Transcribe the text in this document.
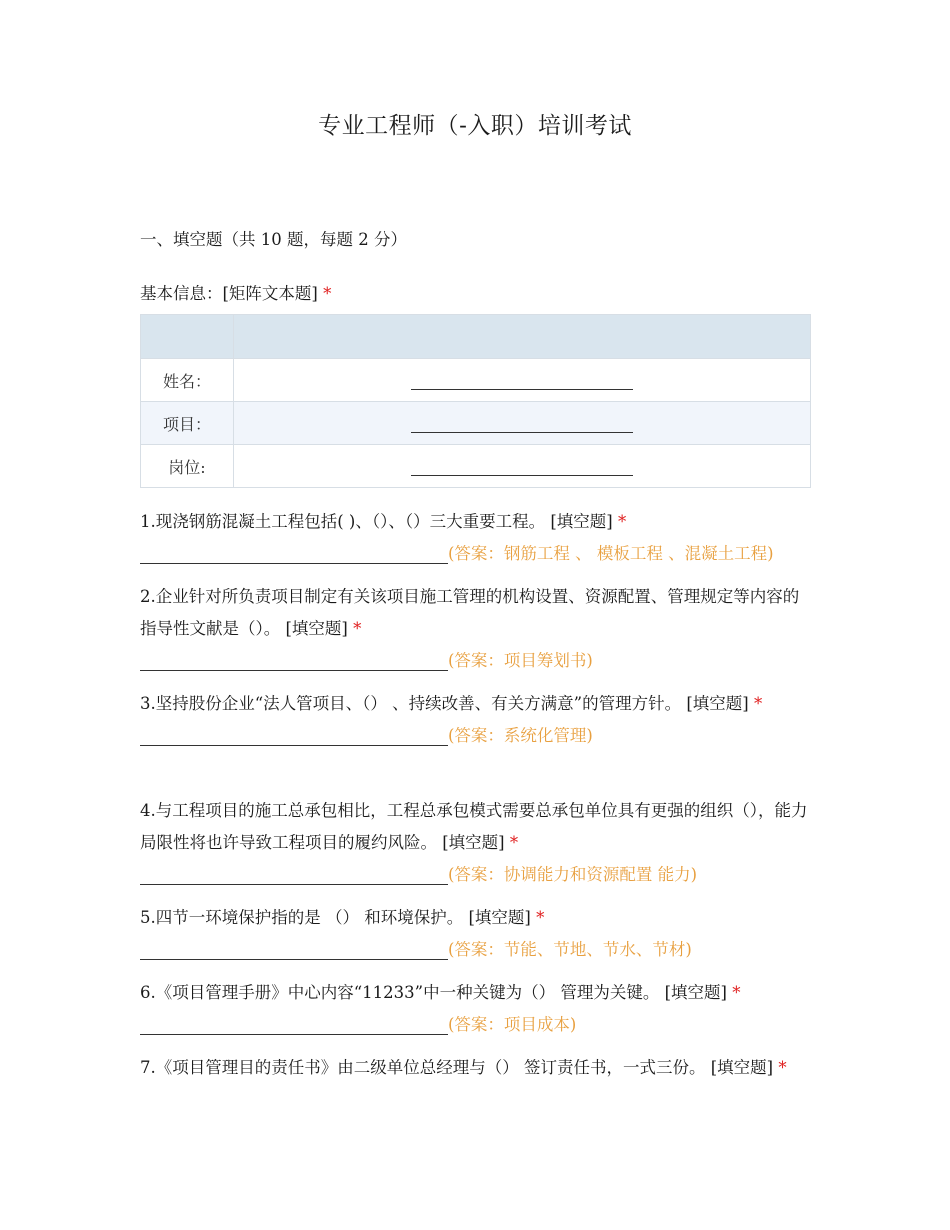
专业工程师（-入职）培训考试
一、填空题（共 10 题，每题 2 分）
基本信息：[矩阵文本题] *

姓名：	
项目：	
岗位:	
1.现浇钢筋混凝土工程包括( )、（）、（）三大重要工程。 [填空题] *
(答案：钢筋工程 、 模板工程 、混凝土工程)
2.企业针对所负责项目制定有关该项目施工管理的机构设置、资源配置、管理规定等内容的指导性文献是（）。 [填空题] *
(答案：项目筹划书)
3.坚持股份企业“法人管项目、（） 、持续改善、有关方满意”的管理方针。 [填空题] *
(答案：系统化管理)
4.与工程项目的施工总承包相比，工程总承包模式需要总承包单位具有更强的组织（），能力局限性将也许导致工程项目的履约风险。 [填空题] *
(答案：协调能力和资源配置 能力)
5.四节一环境保护指的是 （） 和环境保护。 [填空题] *
(答案：节能、节地、节水、节材)
6.《项目管理手册》中心内容“11233”中一种关键为（） 管理为关键。 [填空题] *
(答案：项目成本)
7.《项目管理目的责任书》由二级单位总经理与（） 签订责任书，一式三份。 [填空题] *
